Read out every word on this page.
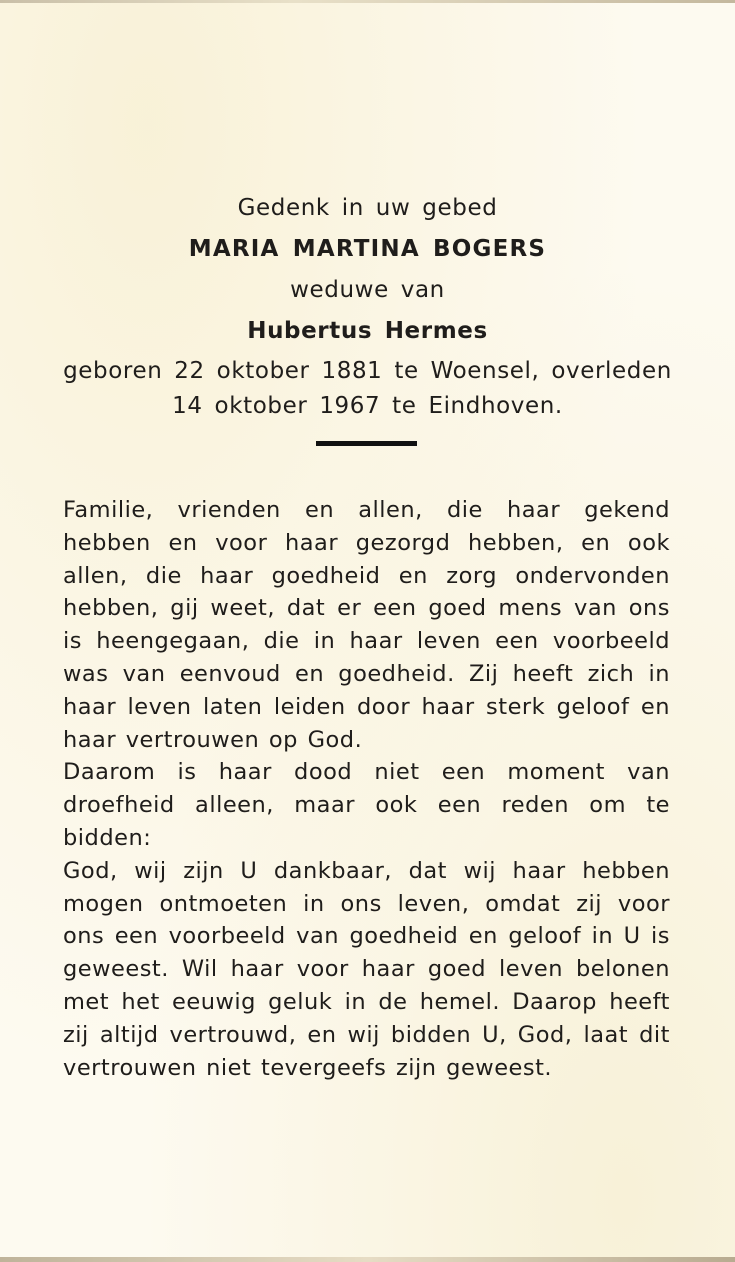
Gedenk in uw gebed
MARIA MARTINA BOGERS
weduwe van
Hubertus Hermes
geboren 22 oktober 1881 te Woensel, overleden 14 oktober 1967 te Eindhoven.

Familie, vrienden en allen, die haar gekend hebben en voor haar gezorgd hebben, en ook allen, die haar goedheid en zorg ondervonden hebben, gij weet, dat er een goed mens van ons is heengegaan, die in haar leven een voorbeeld was van eenvoud en goedheid. Zij heeft zich in haar leven laten leiden door haar sterk geloof en haar vertrouwen op God.

Daarom is haar dood niet een moment van droefheid alleen, maar ook een reden om te bidden:

God, wij zijn U dankbaar, dat wij haar hebben mogen ontmoeten in ons leven, omdat zij voor ons een voorbeeld van goedheid en geloof in U is geweest. Wil haar voor haar goed leven belonen met het eeuwig geluk in de hemel. Daarop heeft zij altijd vertrouwd, en wij bidden U, God, laat dit vertrouwen niet tevergeefs zijn geweest.
